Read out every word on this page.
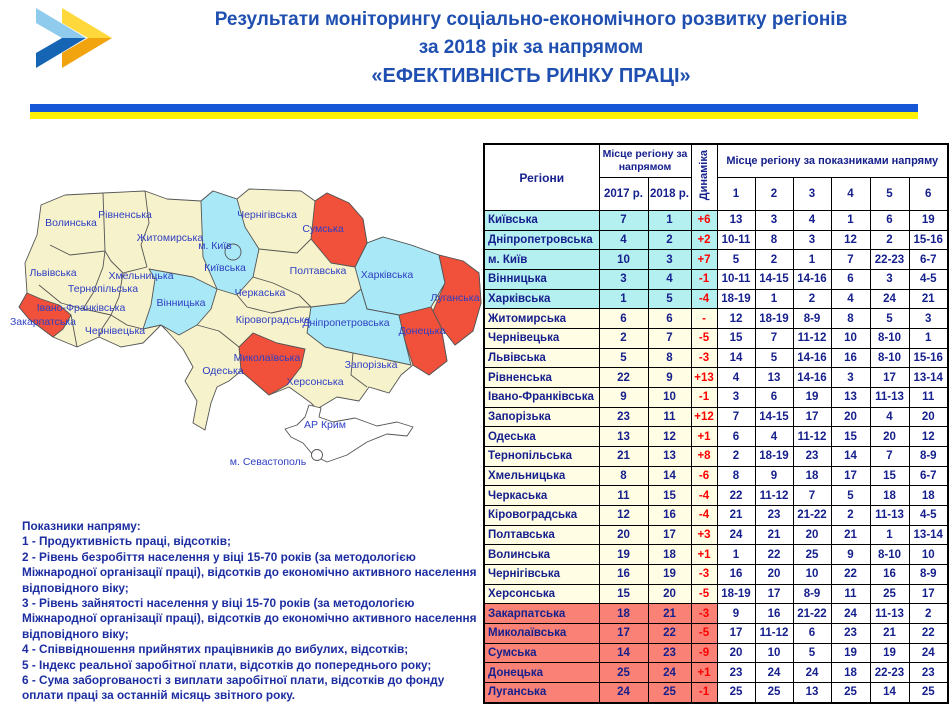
Результати моніторингу соціально-економічного розвитку регіонів
за 2018 рік за напрямом
«ЕФЕКТИВНІСТЬ РИНКУ ПРАЦІ»
Волинська
Рівненська
Житомирська
м. Київ
Київська
Чернігівська
Сумська
Львівська
Тернопільська
Хмельницька
Івано-Франківська
Чернівецька
Закарпатська
Вінницька
Полтавська Харківська
Луганська
Донецька
Дніпропетровська
Запорізька
Кіровоградська
Черкаська
Миколаївська
Херсонська
Одеська
АР Крим
м. Севастополь
Показники напряму:
1 - Продуктивність праці, відсотків;
2 - Рівень безробіття населення у віці 15-70 років (за методологією Міжнародної організації праці), відсотків до економічно активного населення відповідного віку;
3 - Рівень зайнятості населення у віці 15-70 років (за методологією Міжнародної організації праці), відсотків до економічно активного населення відповідного віку;
4 - Співвідношення прийнятих працівників до вибулих, відсотків;
5 - Індекс реальної заробітної плати, відсотків до попереднього року;
6 - Сума заборгованості з виплати заробітної плати, відсотків до фонду оплати праці за останній місяць звітного року.
Регіони	Місце регіону за напрямом		Динаміка	Місце регіону за показниками напряму					
	2017 р.	2018 р.		1	2	3	4	5	6
Київська	7	1	+6	13	3	4	1	6	19
Дніпропетровська	4	2	+2	10-11	8	3	12	2	15-16
м. Київ	10	3	+7	5	2	1	7	22-23	6-7
Вінницька	3	4	-1	10-11	14-15	14-16	6	3	4-5
Харківська	1	5	-4	18-19	1	2	4	24	21
Житомирська	6	6	-	12	18-19	8-9	8	5	3
Чернівецька	2	7	-5	15	7	11-12	10	8-10	1
Львівська	5	8	-3	14	5	14-16	16	8-10	15-16
Рівненська	22	9	+13	4	13	14-16	3	17	13-14
Івано-Франківська	9	10	-1	3	6	19	13	11-13	11
Запорізька	23	11	+12	7	14-15	17	20	4	20
Одеська	13	12	+1	6	4	11-12	15	20	12
Тернопільська	21	13	+8	2	18-19	23	14	7	8-9
Хмельницька	8	14	-6	8	9	18	17	15	6-7
Черкаська	11	15	-4	22	11-12	7	5	18	18
Кіровоградська	12	16	-4	21	23	21-22	2	11-13	4-5
Полтавська	20	17	+3	24	21	20	21	1	13-14
Волинська	19	18	+1	1	22	25	9	8-10	10
Чернігівська	16	19	-3	16	20	10	22	16	8-9
Херсонська	15	20	-5	18-19	17	8-9	11	25	17
Закарпатська	18	21	-3	9	16	21-22	24	11-13	2
Миколаївська	17	22	-5	17	11-12	6	23	21	22
Сумська	14	23	-9	20	10	5	19	19	24
Донецька	25	24	+1	23	24	24	18	22-23	23
Луганська	24	25	-1	25	25	13	25	14	25
